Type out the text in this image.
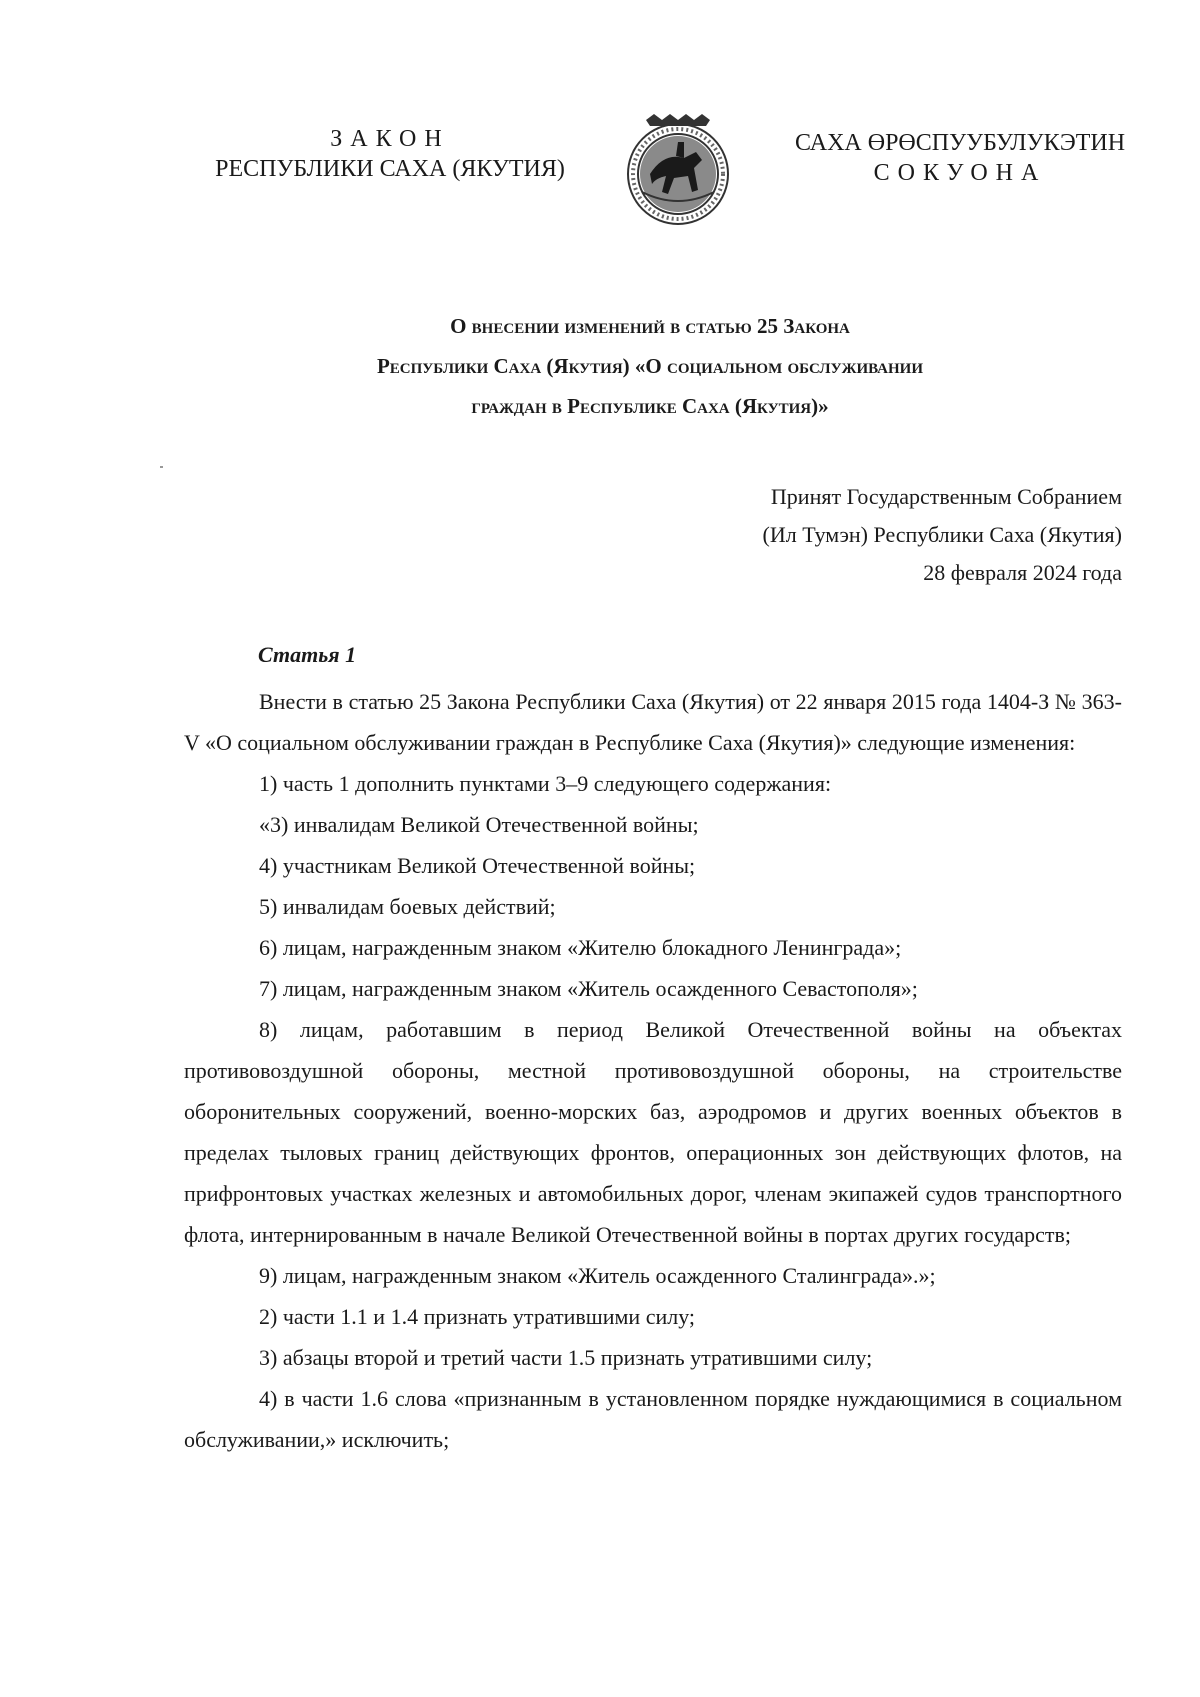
ЗАКОН
РЕСПУБЛИКИ САХА (ЯКУТИЯ)
САХА ӨРӨСПУУБУЛУКЭТИН
СОКУОНА
О внесении изменений в статью 25 Закона
Республики Саха (Якутия) «О социальном обслуживании
граждан в Республике Саха (Якутия)»
Принят Государственным Собранием
(Ил Тумэн) Республики Саха (Якутия)
28 февраля 2024 года
Статья 1

Внести в статью 25 Закона Республики Саха (Якутия) от 22 января 2015 года 1404-З № 363-V «О социальном обслуживании граждан в Республике Саха (Якутия)» следующие изменения:

1) часть 1 дополнить пунктами 3–9 следующего содержания:

«3) инвалидам Великой Отечественной войны;

4) участникам Великой Отечественной войны;

5) инвалидам боевых действий;

6) лицам, награжденным знаком «Жителю блокадного Ленинграда»;

7) лицам, награжденным знаком «Житель осажденного Севастополя»;

8) лицам, работавшим в период Великой Отечественной войны на объектах противовоздушной обороны, местной противовоздушной обороны, на строительстве оборонительных сооружений, военно-морских баз, аэродромов и других военных объектов в пределах тыловых границ действующих фронтов, операционных зон действующих флотов, на прифронтовых участках железных и автомобильных дорог, членам экипажей судов транспортного флота, интернированным в начале Великой Отечественной войны в портах других государств;

9) лицам, награжденным знаком «Житель осажденного Сталинграда».»;

2) части 1.1 и 1.4 признать утратившими силу;

3) абзацы второй и третий части 1.5 признать утратившими силу;

4) в части 1.6 слова «признанным в установленном порядке нуждающимися в социальном обслуживании,» исключить;
